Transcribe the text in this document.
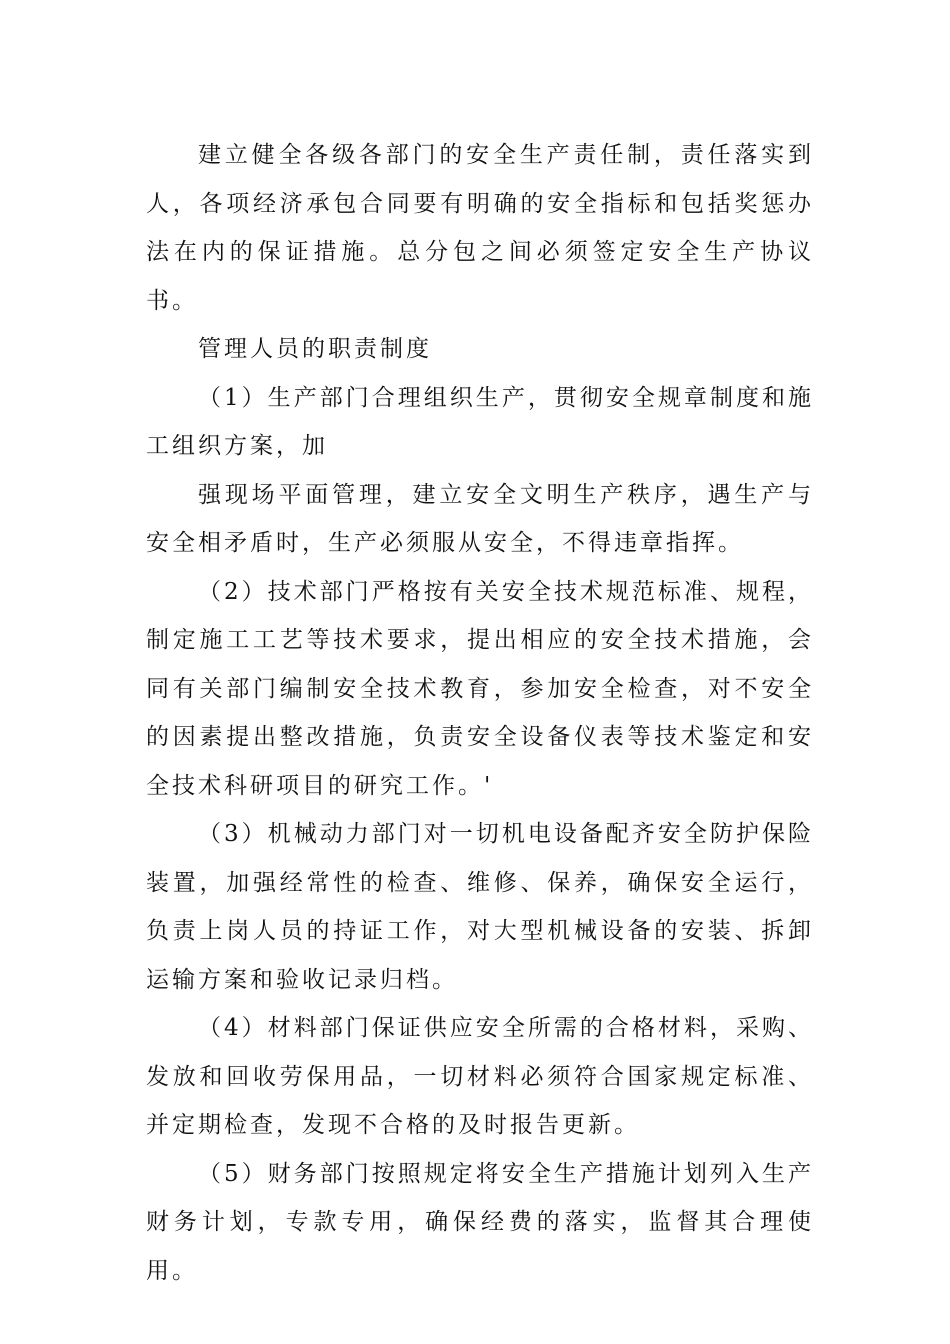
建立健全各级各部门的安全生产责任制，责任落实到人，各项经济承包合同要有明确的安全指标和包括奖惩办法在内的保证措施。总分包之间必须签定安全生产协议书。

管理人员的职责制度

（1）生产部门合理组织生产，贯彻安全规章制度和施工组织方案，加

强现场平面管理，建立安全文明生产秩序，遇生产与安全相矛盾时，生产必须服从安全，不得违章指挥。

（2）技术部门严格按有关安全技术规范标准、规程，制定施工工艺等技术要求，提出相应的安全技术措施，会同有关部门编制安全技术教育，参加安全检查，对不安全的因素提出整改措施，负责安全设备仪表等技术鉴定和安全技术科研项目的研究工作。'

（3）机械动力部门对一切机电设备配齐安全防护保险装置，加强经常性的检查、维修、保养，确保安全运行，负责上岗人员的持证工作，对大型机械设备的安装、拆卸运输方案和验收记录归档。

（4）材料部门保证供应安全所需的合格材料，采购、发放和回收劳保用品，一切材料必须符合国家规定标准、并定期检查，发现不合格的及时报告更新。

（5）财务部门按照规定将安全生产措施计划列入生产财务计划，专款专用，确保经费的落实，监督其合理使用。
